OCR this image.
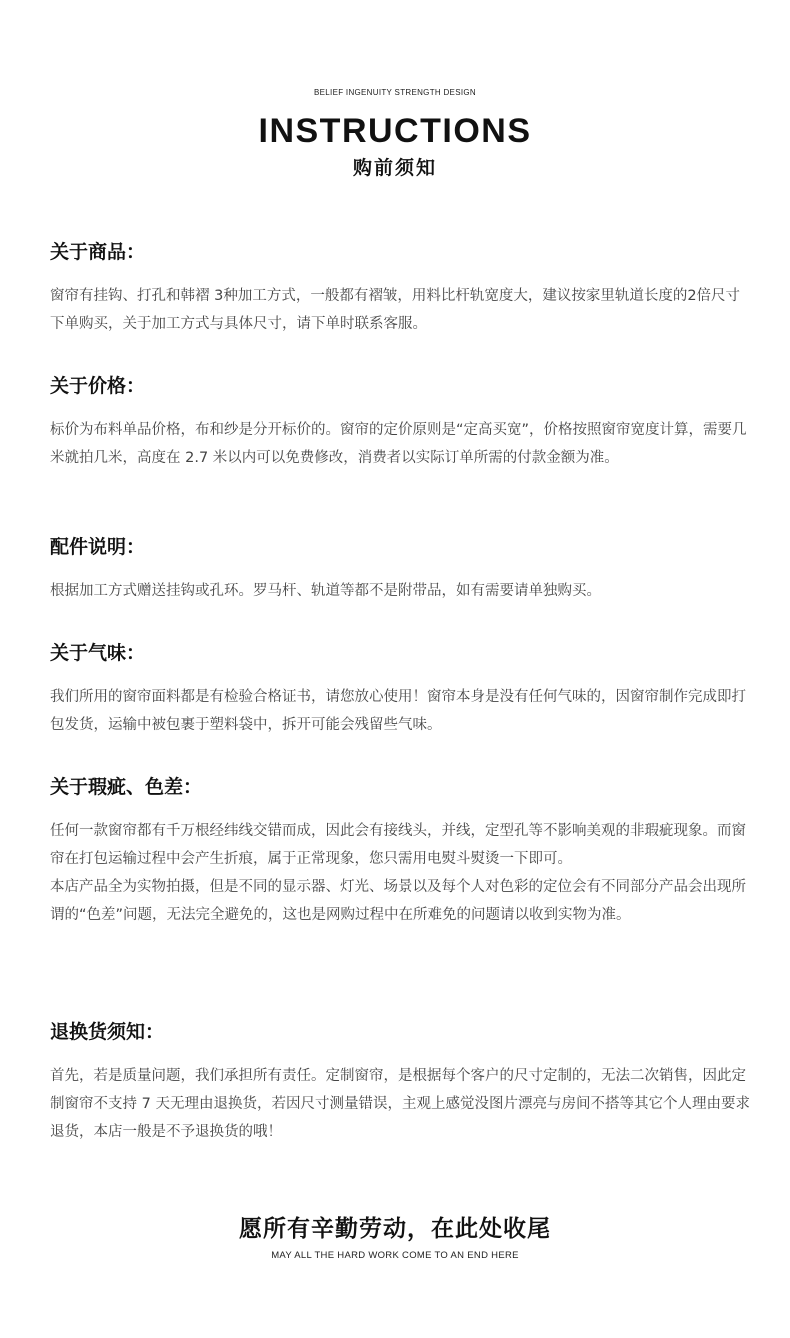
BELIEF INGENUITY STRENGTH DESIGN
INSTRUCTIONS
购前须知
关于商品：

窗帘有挂钩、打孔和韩褶 3种加工方式，一般都有褶皱，用料比杆轨宽度大，建议按家里轨道长度的2倍尺寸下单购买，关于加工方式与具体尺寸，请下单时联系客服。

关于价格：

标价为布料单品价格，布和纱是分开标价的。窗帘的定价原则是“定高买宽”，价格按照窗帘宽度计算，需要几米就拍几米，高度在 2.7 米以内可以免费修改，消费者以实际订单所需的付款金额为准。

配件说明：

根据加工方式赠送挂钩或孔环。罗马杆、轨道等都不是附带品，如有需要请单独购买。

关于气味：

我们所用的窗帘面料都是有检验合格证书，请您放心使用！窗帘本身是没有任何气味的，因窗帘制作完成即打包发货，运输中被包裹于塑料袋中，拆开可能会残留些气味。

关于瑕疵、色差：

任何一款窗帘都有千万根经纬线交错而成，因此会有接线头，并线，定型孔等不影响美观的非瑕疵现象。而窗帘在打包运输过程中会产生折痕，属于正常现象，您只需用电熨斗熨烫一下即可。

本店产品全为实物拍摄，但是不同的显示器、灯光、场景以及每个人对色彩的定位会有不同部分产品会出现所谓的“色差”问题，无法完全避免的，这也是网购过程中在所难免的问题请以收到实物为准。

退换货须知：

首先，若是质量问题，我们承担所有责任。定制窗帘，是根据每个客户的尺寸定制的，无法二次销售，因此定制窗帘不支持 7 天无理由退换货，若因尺寸测量错误，主观上感觉没图片漂亮与房间不搭等其它个人理由要求退货，本店一般是不予退换货的哦！

愿所有辛勤劳动，在此处收尾
MAY ALL THE HARD WORK COME TO AN END HERE
